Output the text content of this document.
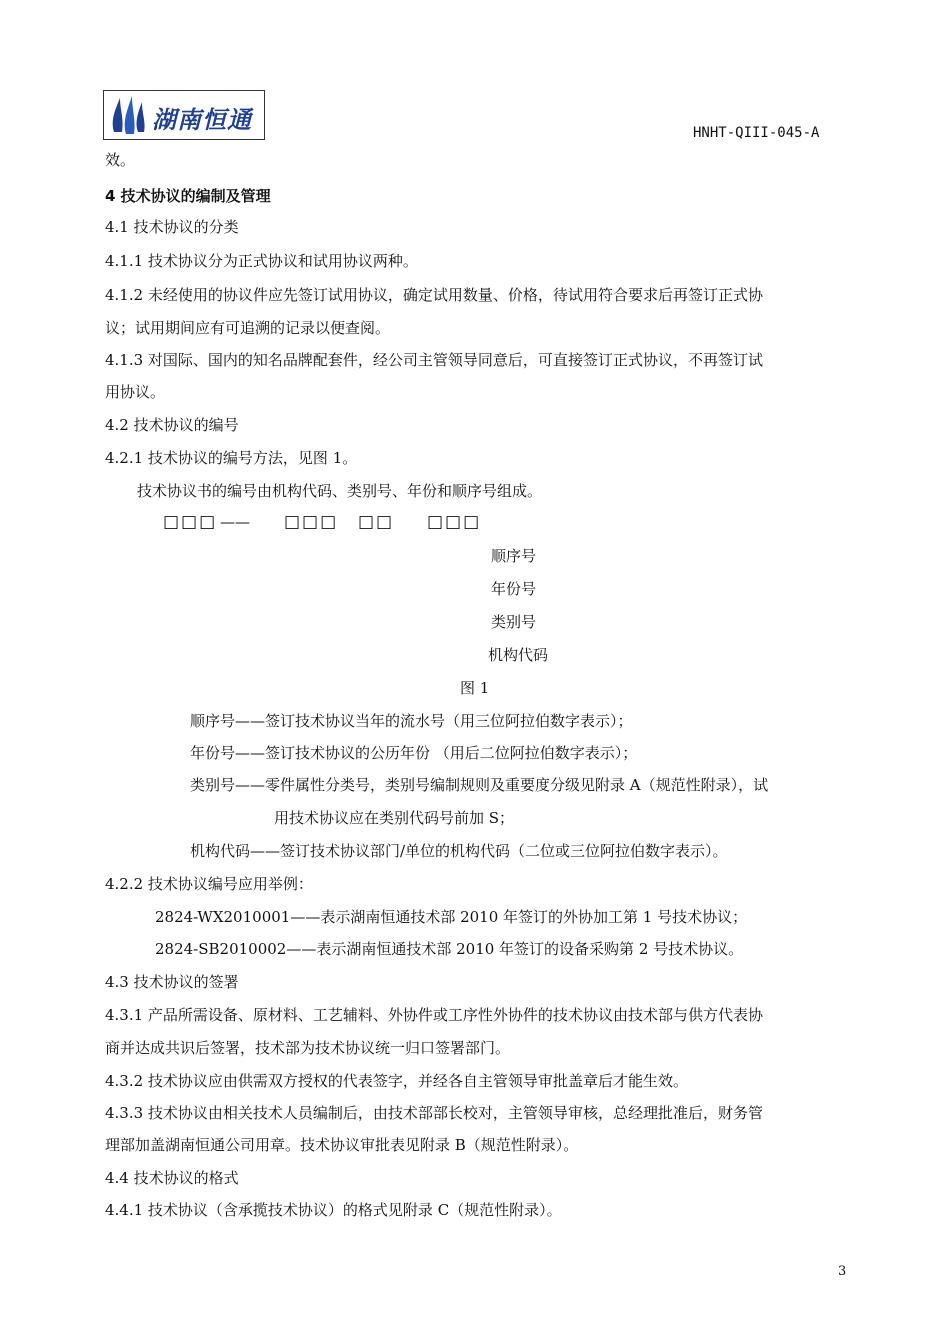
湖南恒通	HNHT-QIII-045-A
效。
4 技术协议的编制及管理
4.1 技术协议的分类
4.1.1 技术协议分为正式协议和试用协议两种。
4.1.2 未经使用的协议件应先签订试用协议，确定试用数量、价格，待试用符合要求后再签订正式协
议；试用期间应有可追溯的记录以便查阅。
4.1.3 对国际、国内的知名品牌配套件，经公司主管领导同意后，可直接签订正式协议，不再签订试
用协议。
4.2 技术协议的编号
4.2.1 技术协议的编号方法，见图 1。
技术协议书的编号由机构代码、类别号、年份和顺序号组成。
□□□ —— □□□ □□ □□□
顺序号
年份号
类别号
机构代码
图 1
顺序号——签订技术协议当年的流水号（用三位阿拉伯数字表示）；
年份号——签订技术协议的公历年份 （用后二位阿拉伯数字表示）；
类别号——零件属性分类号，类别号编制规则及重要度分级见附录 A（规范性附录），试
用技术协议应在类别代码号前加 S；
机构代码——签订技术协议部门/单位的机构代码（二位或三位阿拉伯数字表示）。
4.2.2 技术协议编号应用举例：
2824-WX2010001——表示湖南恒通技术部 2010 年签订的外协加工第 1 号技术协议；
2824-SB2010002——表示湖南恒通技术部 2010 年签订的设备采购第 2 号技术协议。
4.3 技术协议的签署
4.3.1 产品所需设备、原材料、工艺辅料、外协件或工序性外协件的技术协议由技术部与供方代表协
商并达成共识后签署，技术部为技术协议统一归口签署部门。
4.3.2 技术协议应由供需双方授权的代表签字，并经各自主管领导审批盖章后才能生效。
4.3.3 技术协议由相关技术人员编制后，由技术部部长校对，主管领导审核，总经理批准后，财务管
理部加盖湖南恒通公司用章。技术协议审批表见附录 B（规范性附录）。
4.4 技术协议的格式
4.4.1 技术协议（含承揽技术协议）的格式见附录 C（规范性附录）。
3
